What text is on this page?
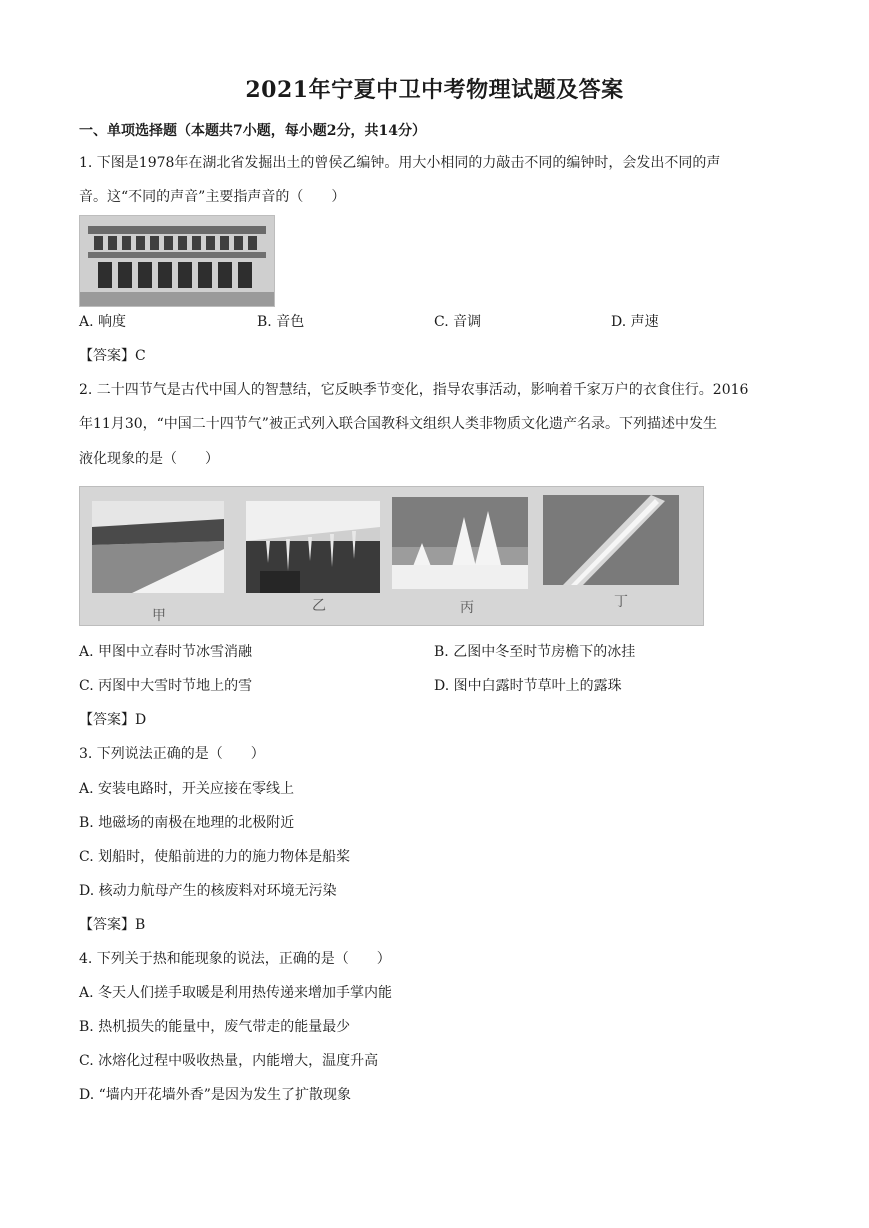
2021年宁夏中卫中考物理试题及答案
一、单项选择题（本题共7小题，每小题2分，共14分）
1. 下图是1978年在湖北省发掘出土的曾侯乙编钟。用大小相同的力敲击不同的编钟时，会发出不同的声
音。这“不同的声音”主要指声音的（　　）
A. 响度	B. 音色	C. 音调	D. 声速
【答案】C
2. 二十四节气是古代中国人的智慧结，它反映季节变化，指导农事活动，影响着千家万户的衣食住行。2016
年11月30，“中国二十四节气”被正式列入联合国教科文组织人类非物质文化遗产名录。下列描述中发生
液化现象的是（　　）
甲
乙	丙	丁
A. 甲图中立春时节冰雪消融	B. 乙图中冬至时节房檐下的冰挂
C. 丙图中大雪时节地上的雪	D. 图中白露时节草叶上的露珠
【答案】D
3. 下列说法正确的是（　　）
A. 安装电路时，开关应接在零线上
B. 地磁场的南极在地理的北极附近
C. 划船时，使船前进的力的施力物体是船桨
D. 核动力航母产生的核废料对环境无污染
【答案】B
4. 下列关于热和能现象的说法，正确的是（　　）
A. 冬天人们搓手取暖是利用热传递来增加手掌内能
B. 热机损失的能量中，废气带走的能量最少
C. 冰熔化过程中吸收热量，内能增大，温度升高
D. “墙内开花墙外香”是因为发生了扩散现象
